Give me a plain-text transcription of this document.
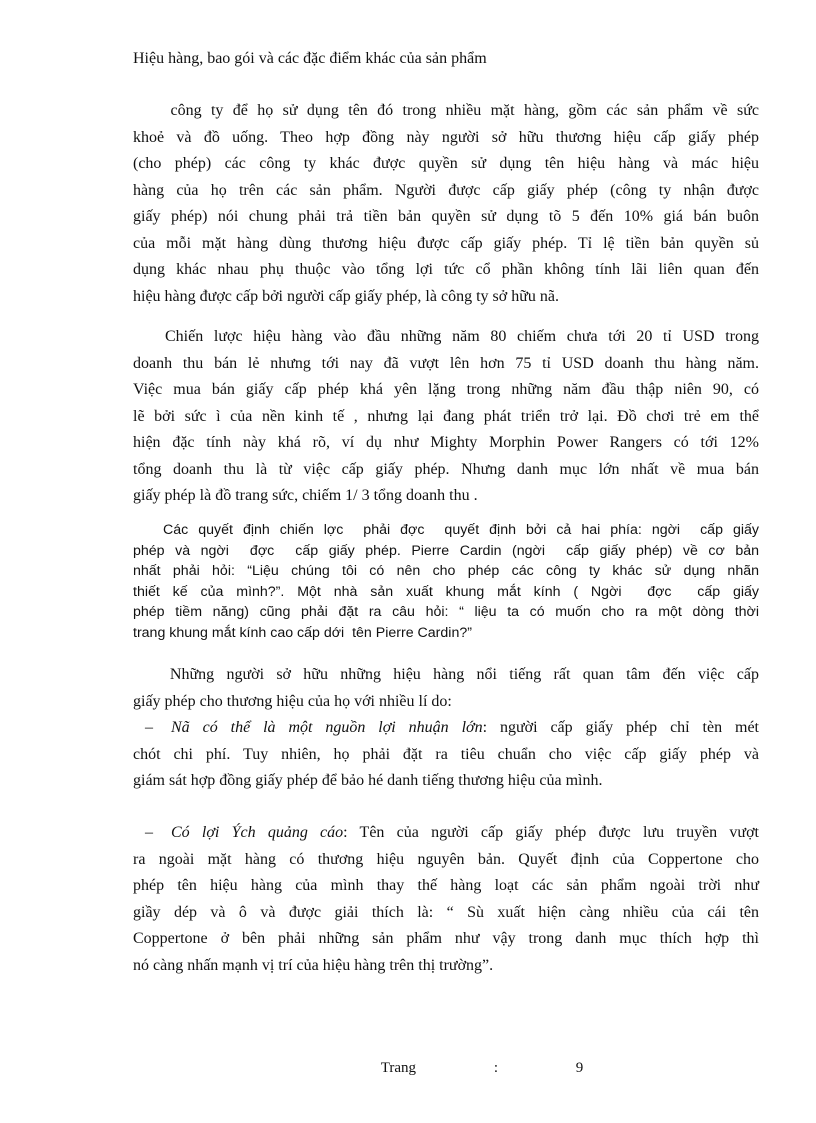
Hiệu hàng, bao gói và các đặc điểm khác của sản phẩm
công ty để họ sử dụng tên đó trong nhiều mặt hàng, gồm các sản phẩm về sức
khoẻ và đồ uống. Theo hợp đồng này người sở hữu thương hiệu cấp giấy phép
(cho phép) các công ty khác được quyền sử dụng tên hiệu hàng và mác hiệu
hàng của họ trên các sản phẩm. Người được cấp giấy phép (công ty nhận được
giấy phép) nói chung phải trả tiền bản quyền sử dụng tõ 5 đến 10% giá bán buôn
của mỗi mặt hàng dùng thương hiệu được cấp giấy phép. Tỉ lệ tiền bản quyền sủ
dụng khác nhau phụ thuộc vào tổng lợi tức cổ phần không tính lãi liên quan đến
hiệu hàng được cấp bởi người cấp giấy phép, là công ty sở hữu nã.
Chiến lược hiệu hàng vào đầu những năm 80 chiếm chưa tới 20 tỉ USD trong
doanh thu bán lẻ nhưng tới nay đã vượt lên hơn 75 tỉ USD doanh thu hàng năm.
Việc mua bán giấy cấp phép khá yên lặng trong những năm đầu thập niên 90, có
lẽ bởi sức ì của nền kinh tế , nhưng lại đang phát triển trở lại. Đồ chơi trẻ em thể
hiện đặc tính này khá rõ, ví dụ như Mighty Morphin Power Rangers có tới 12%
tổng doanh thu là từ việc cấp giấy phép. Nhưng danh mục lớn nhất về mua bán
giấy phép là đồ trang sức, chiếm 1/ 3 tổng doanh thu .
Các quyết định chiến lợc  phải đợc  quyết định bởi cả hai phía: ngời  cấp giấy
phép và ngời  đợc  cấp giấy phép. Pierre Cardin (ngời  cấp giấy phép) về cơ bản
nhất phải hỏi: “Liệu chúng tôi có nên cho phép các công ty khác sử dụng nhãn
thiết kế của mình?”. Một nhà sản xuất khung mắt kính ( Ngời  đợc  cấp giấy
phép tiềm năng) cũng phải đặt ra câu hỏi: “ liệu ta có muốn cho ra một dòng thời
trang khung mắt kính cao cấp dới  tên Pierre Cardin?”
Những người sở hữu những hiệu hàng nổi tiếng rất quan tâm đến việc cấp
giấy phép cho thương hiệu của họ với nhiều lí do:
– Nã có thể là một nguồn lợi nhuận lớn: người cấp giấy phép chỉ tèn mét
chót chi phí. Tuy nhiên, họ phải đặt ra tiêu chuẩn cho việc cấp giấy phép và
giám sát hợp đồng giấy phép để bảo hé danh tiếng thương hiệu của mình.
– Có lợi Ých quảng cáo: Tên của người cấp giấy phép được lưu truyền vượt
ra ngoài mặt hàng có thương hiệu nguyên bản. Quyết định của Coppertone cho
phép tên hiệu hàng của mình thay thế hàng loạt các sản phẩm ngoài trời như
giầy dép và ô và được giải thích là: “ Sù xuất hiện càng nhiều của cái tên
Coppertone ở bên phải những sản phẩm như vậy trong danh mục thích hợp thì
nó càng nhấn mạnh vị trí của hiệu hàng trên thị trường”.
Trang	:	9
